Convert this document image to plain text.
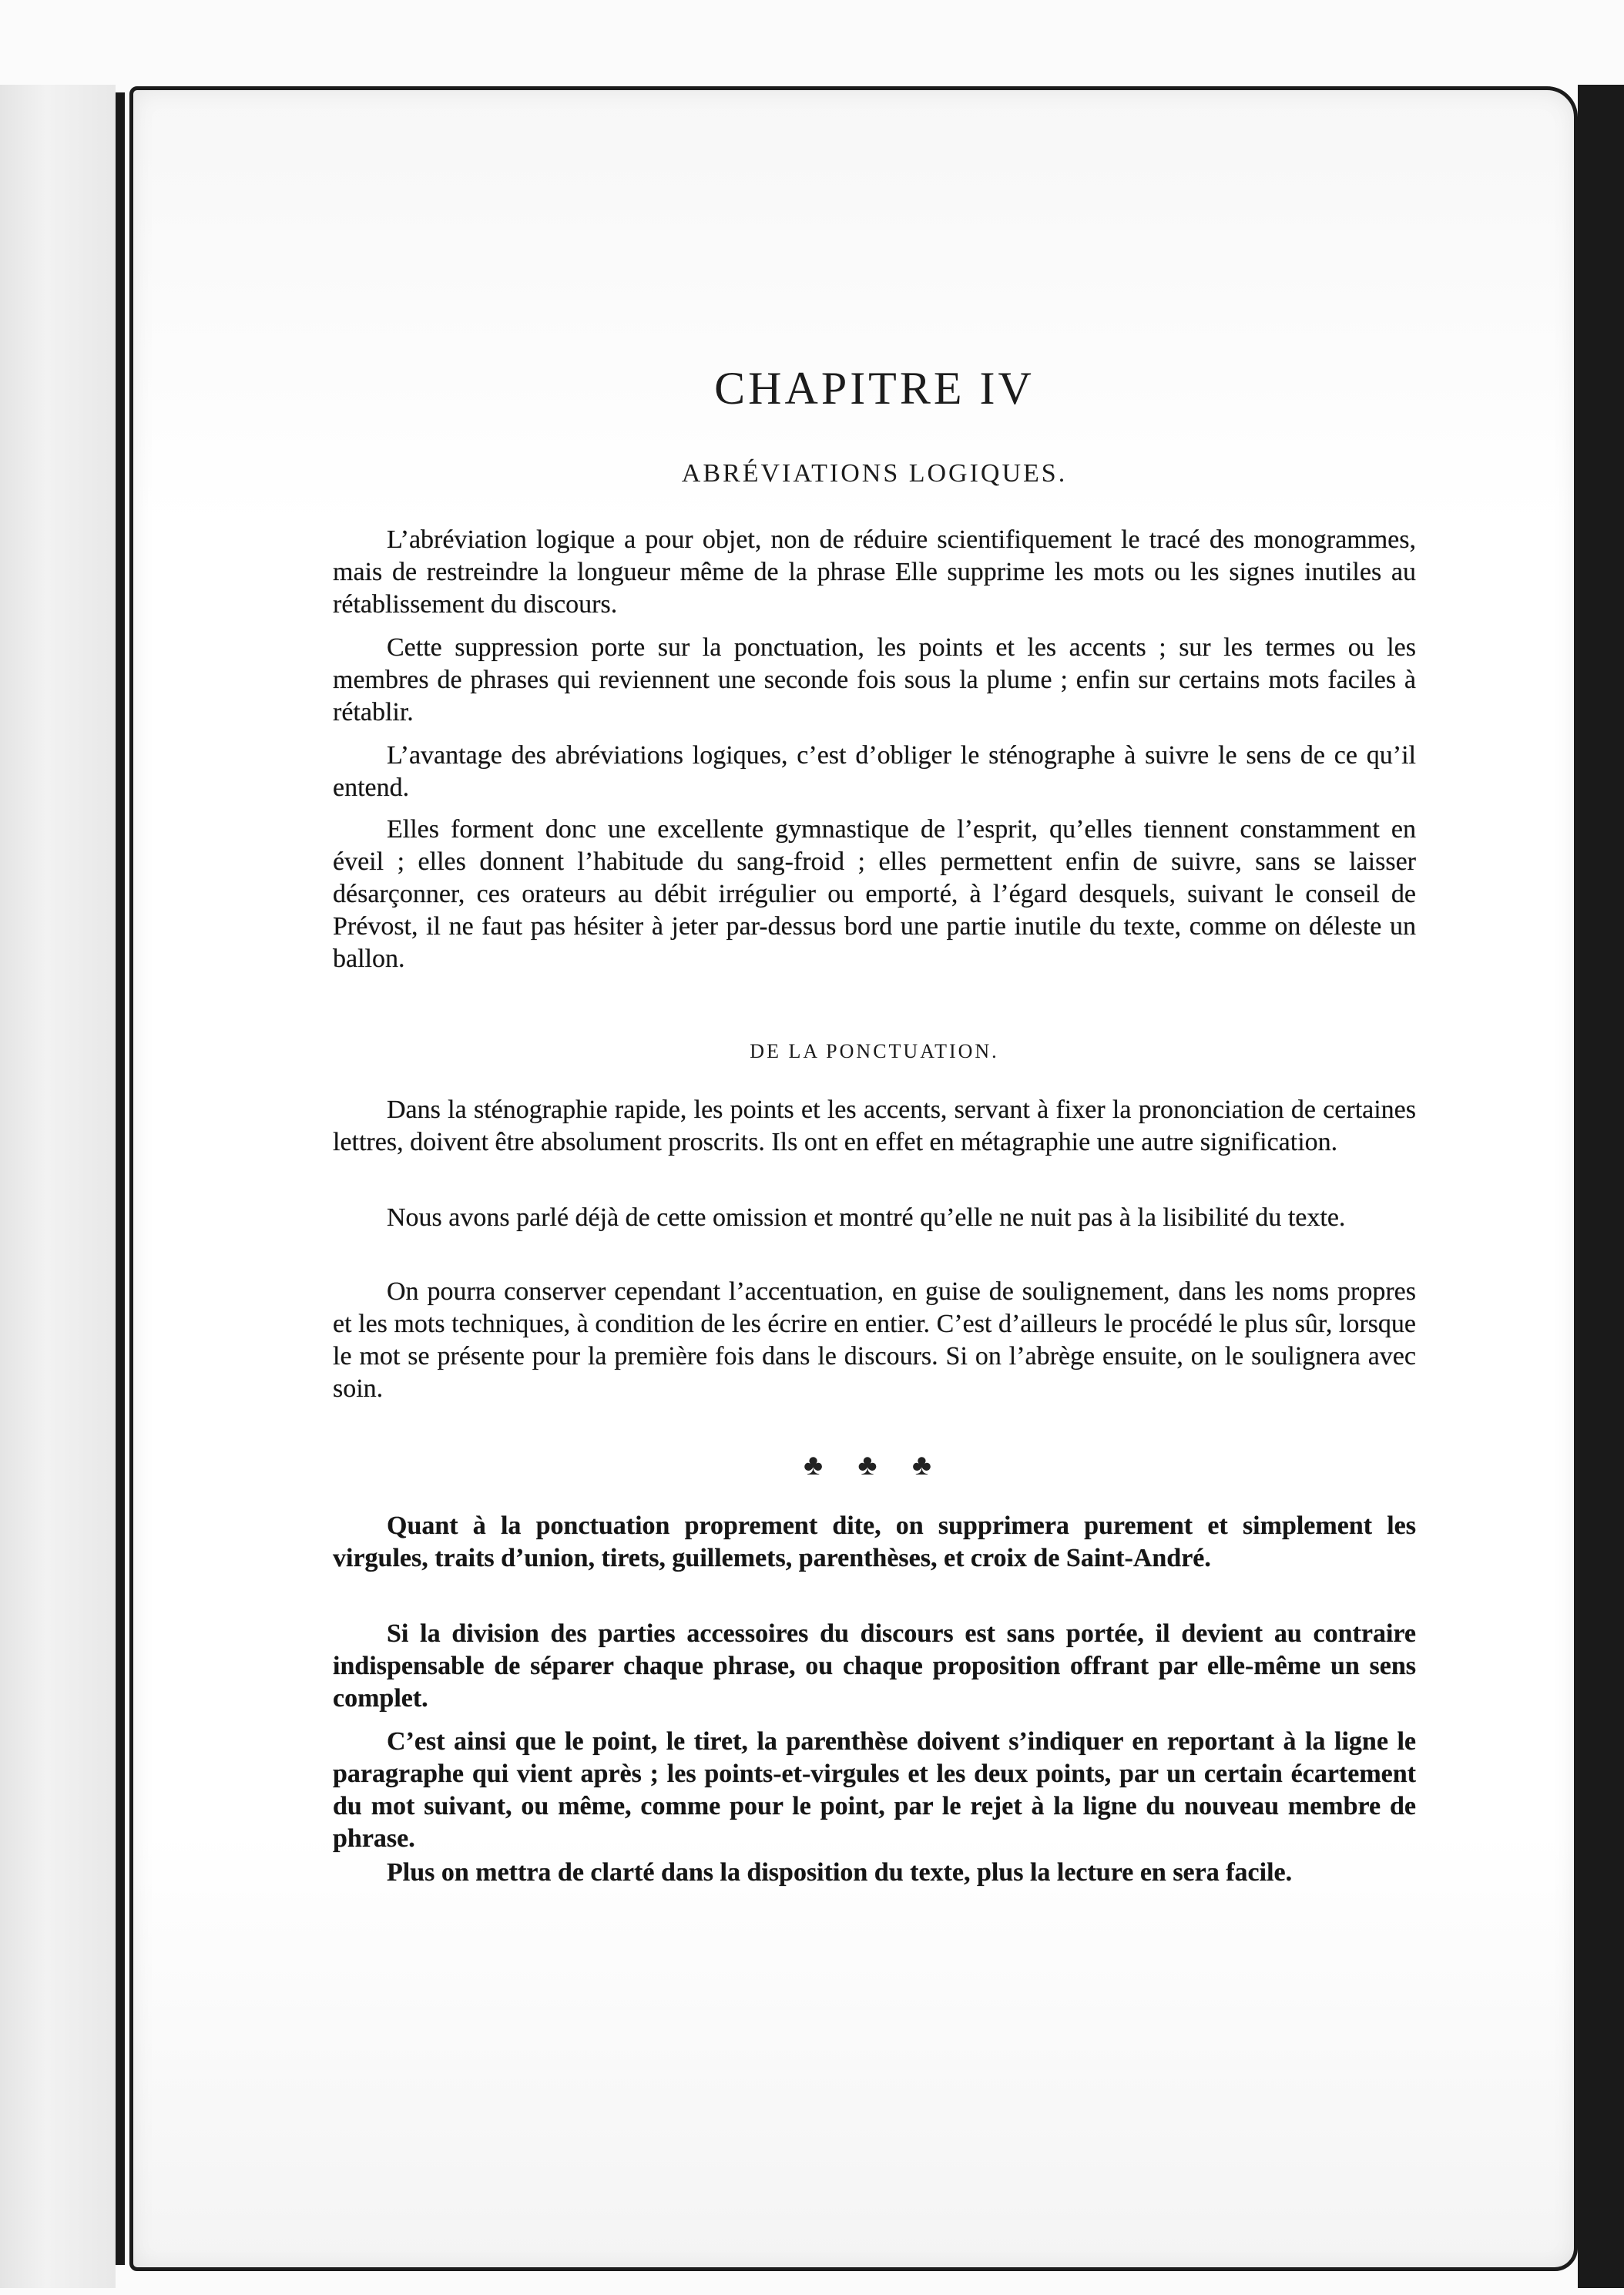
CHAPITRE IV
ABRÉVIATIONS LOGIQUES.

L’abréviation logique a pour objet, non de réduire scientifiquement le tracé des monogrammes, mais de restreindre la longueur même de la phrase Elle supprime les mots ou les signes inutiles au rétablissement du discours.

Cette suppression porte sur la ponctuation, les points et les accents ; sur les termes ou les membres de phrases qui reviennent une seconde fois sous la plume ; enfin sur certains mots faciles à rétablir.

L’avantage des abréviations logiques, c’est d’obliger le sténographe à suivre le sens de ce qu’il entend.

Elles forment donc une excellente gymnastique de l’esprit, qu’elles tiennent constamment en éveil ; elles donnent l’habitude du sang-froid ; elles permettent enfin de suivre, sans se laisser désarçonner, ces orateurs au débit irrégulier ou emporté, à l’égard desquels, suivant le conseil de Prévost, il ne faut pas hésiter à jeter par-dessus bord une partie inutile du texte, comme on déleste un ballon.

DE LA PONCTUATION.

Dans la sténographie rapide, les points et les accents, servant à fixer la prononciation de certaines lettres, doivent être absolument proscrits. Ils ont en effet en métagraphie une autre signification.

Nous avons parlé déjà de cette omission et montré qu’elle ne nuit pas à la lisibilité du texte.

On pourra conserver cependant l’accentuation, en guise de soulignement, dans les noms propres et les mots techniques, à condition de les écrire en entier. C’est d’ailleurs le procédé le plus sûr, lorsque le mot se présente pour la première fois dans le discours. Si on l’abrège ensuite, on le soulignera avec soin.

♣ ♣ ♣

Quant à la ponctuation proprement dite, on supprimera purement et simplement les virgules, traits d’union, tirets, guillemets, parenthèses, et croix de Saint-André.

Si la division des parties accessoires du discours est sans portée, il devient au contraire indispensable de séparer chaque phrase, ou chaque proposition offrant par elle-même un sens complet.

C’est ainsi que le point, le tiret, la parenthèse doivent s’indiquer en reportant à la ligne le paragraphe qui vient après ; les points-et-virgules et les deux points, par un certain écartement du mot suivant, ou même, comme pour le point, par le rejet à la ligne du nouveau membre de phrase.

Plus on mettra de clarté dans la disposition du texte, plus la lecture en sera facile.
